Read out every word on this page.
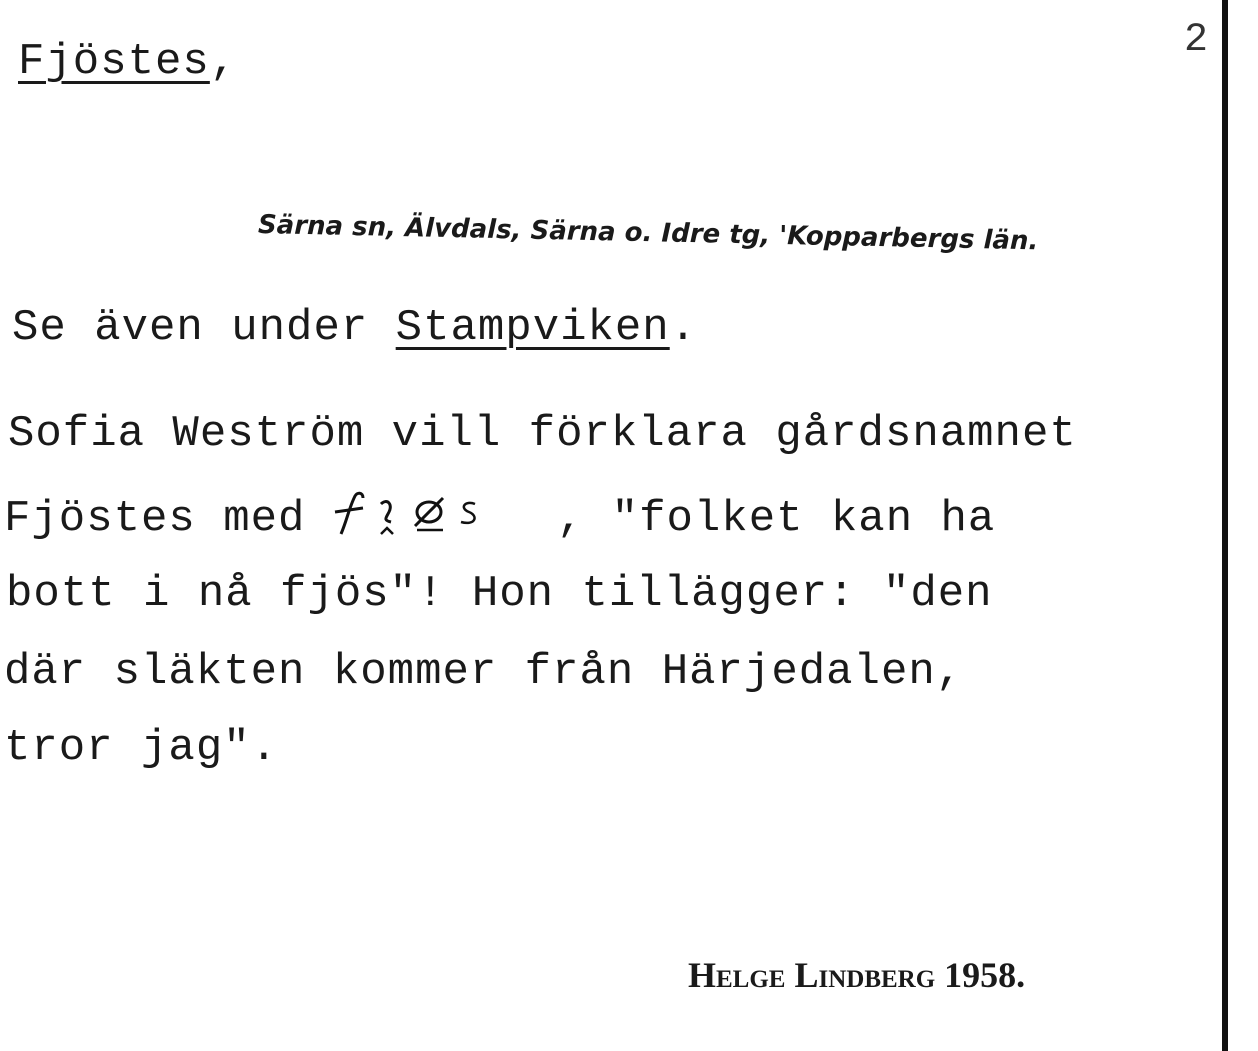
Fjöstes,	2
Särna sn, Älvdals, Särna o. Idre tg, 'Kopparbergs län.
Se även under Stampviken.
Sofia Weström vill förklara gårdsnamnet
Fjöstes med	, "folket kan ha
bott i nå fjös"! Hon tillägger: "den
där släkten kommer från Härjedalen,
tror jag".
Helge Lindberg 1958.
